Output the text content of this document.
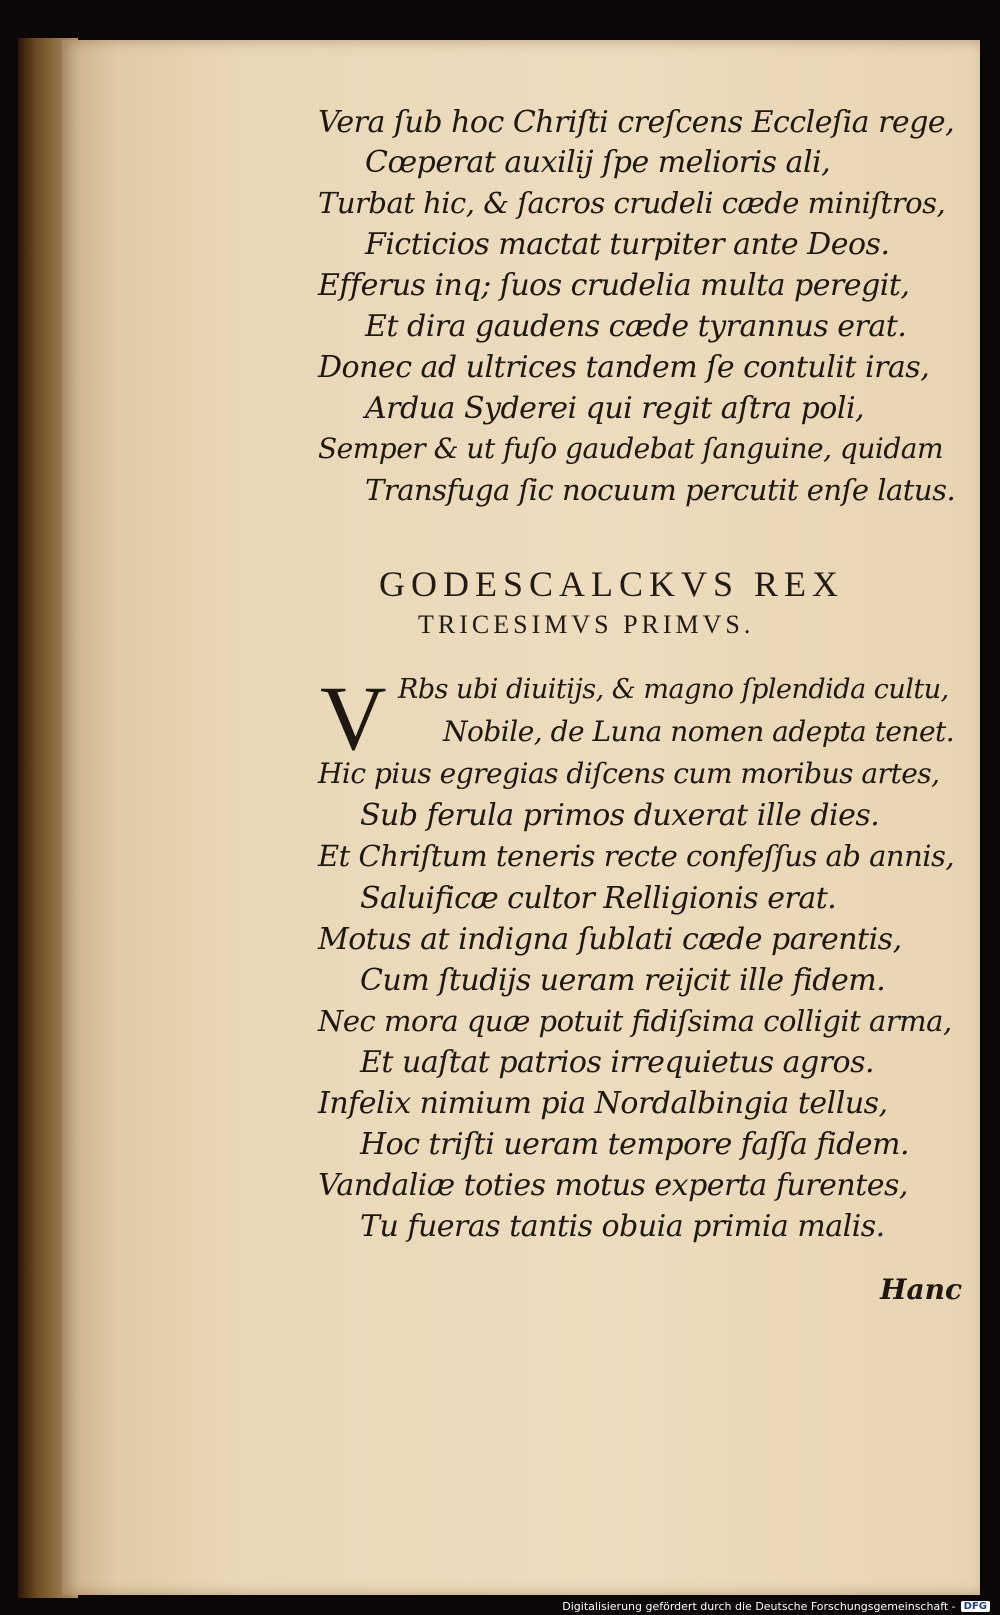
Vera ſub hoc Chriſti creſcens Eccleſia rege,
Cœperat auxilij ſpe melioris ali,
Turbat hic, & ſacros crudeli cæde miniſtros,
Ficticios mactat turpiter ante Deos.
Efferus inq; ſuos crudelia multa peregit,
Et dira gaudens cæde tyrannus erat.
Donec ad ultrices tandem ſe contulit iras,
Ardua Syderei qui regit aſtra poli,
Semper & ut fuſo gaudebat ſanguine, quidam
Transfuga ſic nocuum percutit enſe latus.
GODESCALCKVS REX
TRICESIMVS PRIMVS.
V Rbs ubi diuitijs, & magno ſplendida cultu,
Nobile, de Luna nomen adepta tenet.
Hic pius egregias diſcens cum moribus artes,
Sub ferula primos duxerat ille dies.
Et Chriſtum teneris recte confeſſus ab annis,
Saluificæ cultor Relligionis erat.
Motus at indigna ſublati cæde parentis,
Cum ſtudijs ueram reijcit ille fidem.
Nec mora quæ potuit fidiſsima colligit arma,
Et uaſtat patrios irrequietus agros.
Infelix nimium pia Nordalbingia tellus,
Hoc triſti ueram tempore faſſa fidem.
Vandaliæ toties motus experta furentes,
Tu fueras tantis obuia primia malis.
Hanc
Digitalisierung gefördert durch die Deutsche Forschungsgemeinschaft - DFG
